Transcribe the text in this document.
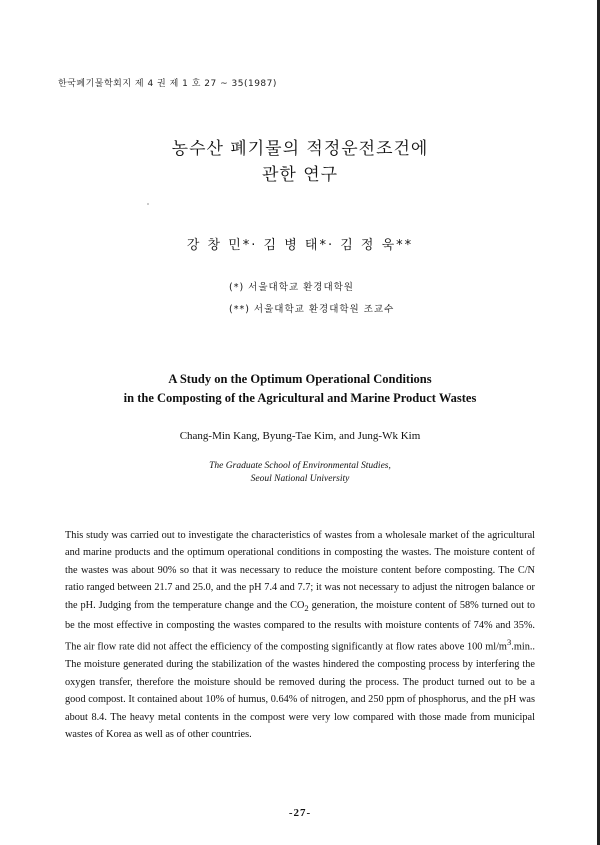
한국폐기물학회지 제 4 권 제 1 호 27 ~ 35(1987)
농수산 폐기물의 적정운전조건에
관한 연구
강 창 민*· 김 병 태*· 김 정 욱**
(*) 서울대학교 환경대학원
(**) 서울대학교 환경대학원 조교수
A Study on the Optimum Operational Conditions
in the Composting of the Agricultural and Marine Product Wastes
Chang-Min Kang, Byung-Tae Kim, and Jung-Wk Kim
The Graduate School of Environmental Studies,
Seoul National University

This study was carried out to investigate the characteristics of wastes from a wholesale market of the agricultural and marine products and the optimum operational conditions in composting the wastes. The moisture content of the wastes was about 90% so that it was necessary to reduce the moisture content before composting. The C/N ratio ranged between 21.7 and 25.0, and the pH 7.4 and 7.7; it was not necessary to adjust the nitrogen balance or the pH. Judging from the temperature change and the $CO_2$ generation, the moisture content of 58% turned out to be the most effective in composting the wastes compared to the results with moisture contents of 74% and 35%. The air flow rate did not affect the efficiency of the composting significantly at flow rates above 100 $ml/m^3.\min$.. The moisture generated during the stabilization of the wastes hindered the composting process by interfering the oxygen transfer, therefore the moisture should be removed during the process. The product turned out to be a good compost. It contained about 10% of humus, 0.64% of nitrogen, and 250 ppm of phosphorus, and the pH was about 8.4. The heavy metal contents in the compost were very low compared with those made from municipal wastes of Korea as well as of other countries.

-27-
